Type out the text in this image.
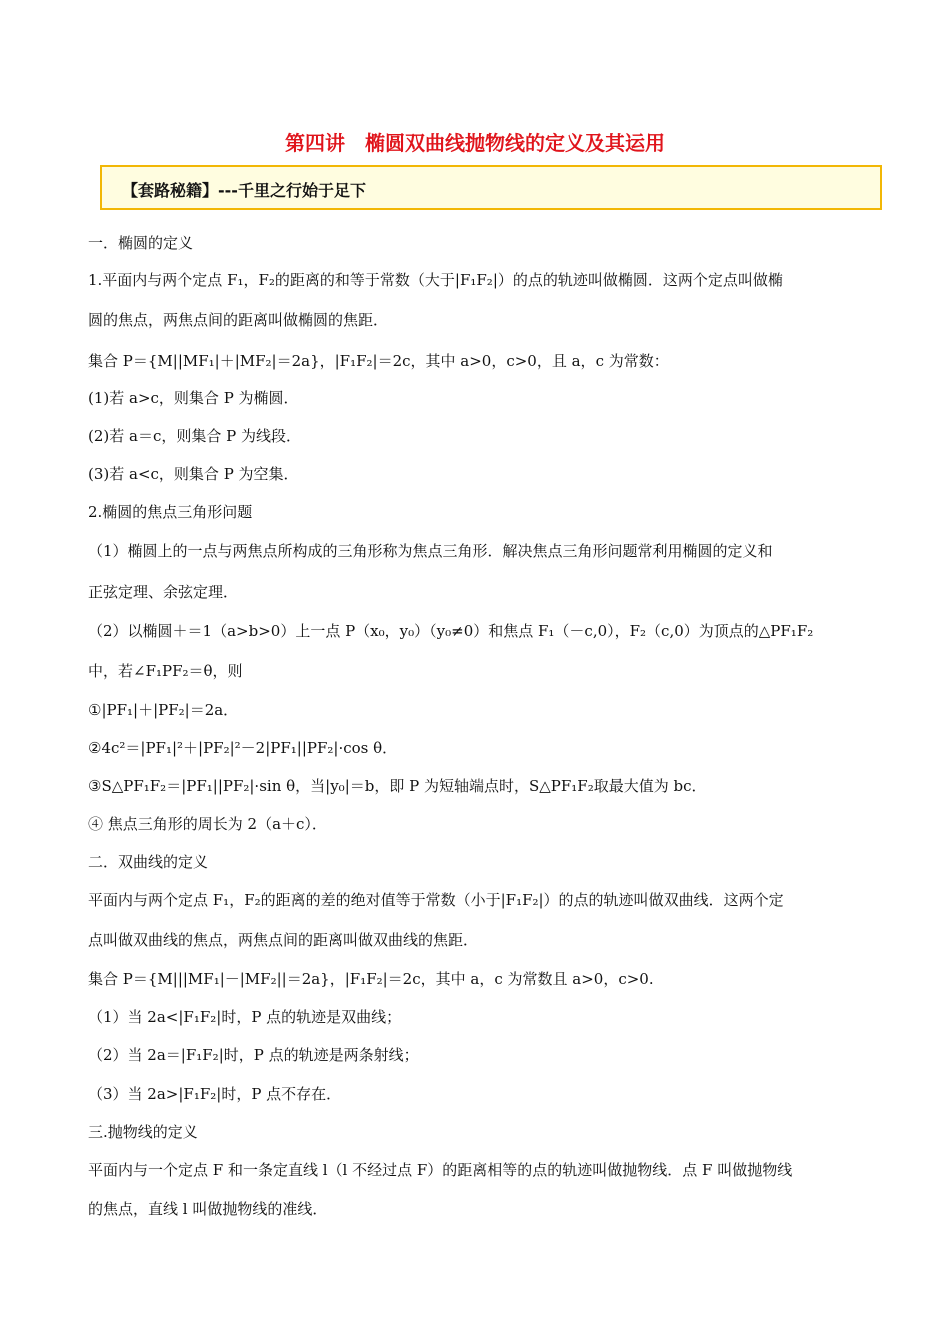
第四讲　椭圆双曲线抛物线的定义及其运用
【套路秘籍】---千里之行始于足下
一．椭圆的定义
1.平面内与两个定点 F₁，F₂的距离的和等于常数（大于|F₁F₂|）的点的轨迹叫做椭圆．这两个定点叫做椭
圆的焦点，两焦点间的距离叫做椭圆的焦距．
集合 P＝{M||MF₁|＋|MF₂|＝2a}，|F₁F₂|＝2c，其中 a>0，c>0，且 a，c 为常数：
(1)若 a>c，则集合 P 为椭圆．
(2)若 a＝c，则集合 P 为线段．
(3)若 a<c，则集合 P 为空集．
2.椭圆的焦点三角形问题
（1）椭圆上的一点与两焦点所构成的三角形称为焦点三角形．解决焦点三角形问题常利用椭圆的定义和
正弦定理、余弦定理．
（2）以椭圆＋＝1（a>b>0）上一点 P（x₀，y₀）（y₀≠0）和焦点 F₁（－c,0），F₂（c,0）为顶点的△PF₁F₂
中，若∠F₁PF₂＝θ，则
①|PF₁|＋|PF₂|＝2a．
②4c²＝|PF₁|²＋|PF₂|²－2|PF₁||PF₂|·cos θ．
③S△PF₁F₂＝|PF₁||PF₂|·sin θ，当|y₀|＝b，即 P 为短轴端点时，S△PF₁F₂取最大值为 bc．
④ 焦点三角形的周长为 2（a＋c）．
二．双曲线的定义
平面内与两个定点 F₁，F₂的距离的差的绝对值等于常数（小于|F₁F₂|）的点的轨迹叫做双曲线．这两个定
点叫做双曲线的焦点，两焦点间的距离叫做双曲线的焦距．
集合 P＝{M|||MF₁|－|MF₂||＝2a}，|F₁F₂|＝2c，其中 a，c 为常数且 a>0，c>0.
（1）当 2a<|F₁F₂|时，P 点的轨迹是双曲线；
（2）当 2a＝|F₁F₂|时，P 点的轨迹是两条射线；
（3）当 2a>|F₁F₂|时，P 点不存在．
三.抛物线的定义
平面内与一个定点 F 和一条定直线 l（l 不经过点 F）的距离相等的点的轨迹叫做抛物线．点 F 叫做抛物线
的焦点，直线 l 叫做抛物线的准线．
